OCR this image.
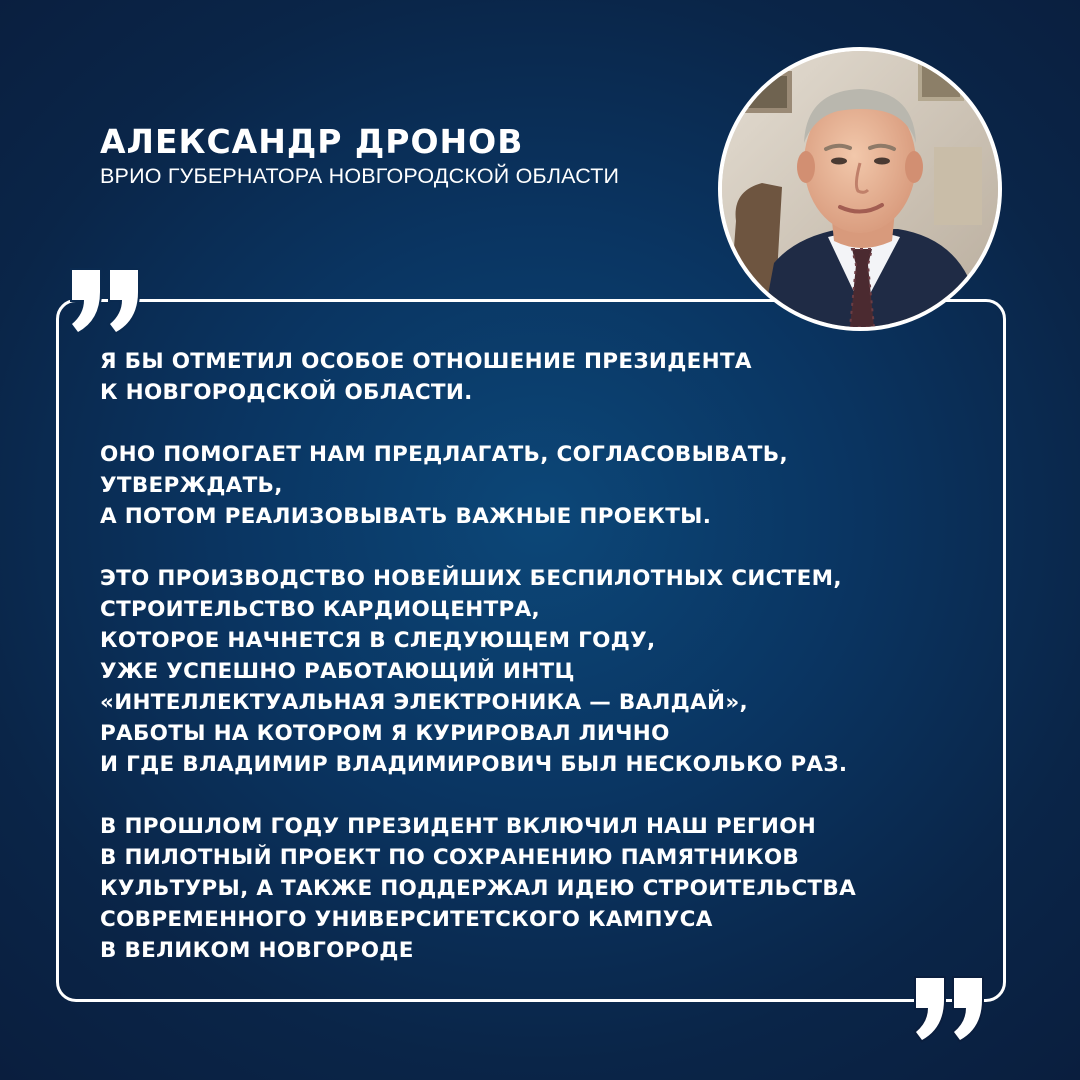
АЛЕКСАНДР ДРОНОВ
ВРИО ГУБЕРНАТОРА НОВГОРОДСКОЙ ОБЛАСТИ
Я БЫ ОТМЕТИЛ ОСОБОЕ ОТНОШЕНИЕ ПРЕЗИДЕНТА
К НОВГОРОДСКОЙ ОБЛАСТИ.
ОНО ПОМОГАЕТ НАМ ПРЕДЛАГАТЬ, СОГЛАСОВЫВАТЬ,
УТВЕРЖДАТЬ,
А ПОТОМ РЕАЛИЗОВЫВАТЬ ВАЖНЫЕ ПРОЕКТЫ.
ЭТО ПРОИЗВОДСТВО НОВЕЙШИХ БЕСПИЛОТНЫХ СИСТЕМ,
СТРОИТЕЛЬСТВО КАРДИОЦЕНТРА,
КОТОРОЕ НАЧНЕТСЯ В СЛЕДУЮЩЕМ ГОДУ,
УЖЕ УСПЕШНО РАБОТАЮЩИЙ ИНТЦ
«ИНТЕЛЛЕКТУАЛЬНАЯ ЭЛЕКТРОНИКА — ВАЛДАЙ»,
РАБОТЫ НА КОТОРОМ Я КУРИРОВАЛ ЛИЧНО
И ГДЕ ВЛАДИМИР ВЛАДИМИРОВИЧ БЫЛ НЕСКОЛЬКО РАЗ.
В ПРОШЛОМ ГОДУ ПРЕЗИДЕНТ ВКЛЮЧИЛ НАШ РЕГИОН
В ПИЛОТНЫЙ ПРОЕКТ ПО СОХРАНЕНИЮ ПАМЯТНИКОВ
КУЛЬТУРЫ, А ТАКЖЕ ПОДДЕРЖАЛ ИДЕЮ СТРОИТЕЛЬСТВА
СОВРЕМЕННОГО УНИВЕРСИТЕТСКОГО КАМПУСА
В ВЕЛИКОМ НОВГОРОДЕ
